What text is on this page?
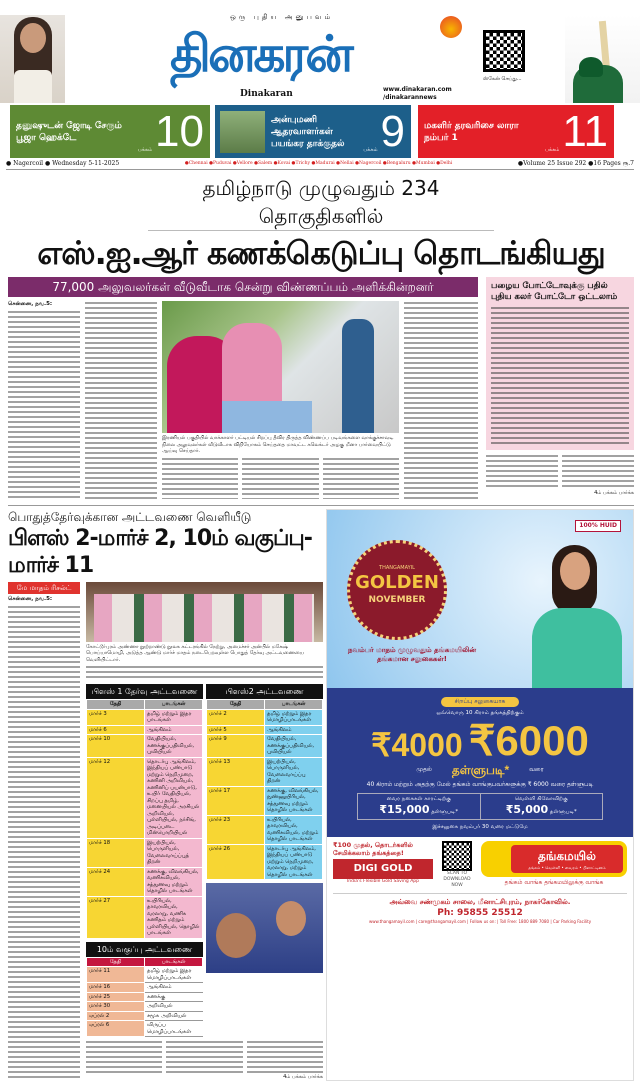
ஒரு புதிய அனுபவம்
தினகரன்
Dinakaran	www.dinakaran.com
/dinakarannews
ஸ்கேன் செய்து...
தனுஷுடன் ஜோடி சேரும் பூஜா ஹெக்டே
பக்கம் 10	அன்புமணி ஆதரவாளர்கள் பயங்கர தாக்குதல்
பக்கம் 9	மகளிர் தரவரிசை லாரா நம்பர் 1
பக்கம் 11
● Nagercoil ● Wednesday 5-11-2025	●Chennai ●Puduvai ●Vellore ●Salem ●Kovai ●Trichy ●Madurai ●Nellai ●Nagercoil ●Bengaluru ●Mumbai ●Delhi	●Volume 25 Issue 292 ●16 Pages ரூ.7
தமிழ்நாடு முழுவதும் 234 தொகுதிகளில்
எஸ்.ஐ.ஆர் கணக்கெடுப்பு தொடங்கியது
77,000 அலுவலர்கள் வீடுவீடாக சென்று விண்ணப்பம் அளிக்கின்றனர்
சென்னை, நவ.5:
இரணியல் பகுதியில் வாக்காளர் பட்டியல் சிறப்பு தீவிர திருத்த விண்ணப்ப படிவங்களை வாக்குச்சாவடி நிலை அலுவலர்கள் வீடுவீடாக விநியோகம் செய்ததை மாவட்ட கலெக்டர் அழகு மீனா பார்வையிட்டு ஆய்வு செய்தார்.
பழைய போட்டோவுக்கு பதில் புதிய கலர் போட்டோ ஒட்டலாம்
4ம் பக்கம் பார்க்க
பொதுத்தேர்வுக்கான அட்டவணை வெளியீடு
பிளஸ் 2-மார்ச் 2, 10ம் வகுப்பு- மார்ச் 11
மே மாதம் ரிசல்ட்
சென்னை, நவ.5:
கோட்டூர்புரம் அண்ணா நூற்றாண்டு நூலக கட்டரங்கில் நேற்று, அமைச்சர் அன்பில் மகேஷ் பொய்யாமொழி, அடுத்த ஆண்டு மார்ச் மாதம் நடைபெறவுள்ள பொதுத் தேர்வு அட்டவணையை வெளியிட்டார்.
பிளஸ் 1 தேர்வு அட்டவணை
தேதி	பாடங்கள்
மார்ச் 3	தமிழ் மற்றும் இதர பாடங்கள்
மார்ச் 6	ஆங்கிலம்
மார்ச் 10	வேதியியல், கணக்குப்பதிவியல், புவியியல்
மார்ச் 12	தொடர்பு ஆங்கிலம், இந்தியப் பண்பாடு மற்றும் நெறிமுறை, கணினி அறிவியல், கணினிப் பயன்பாடு, உயிர் வேதியியல், சிறப்பு தமிழ், மனையியல் அரசியல் அறிவியல், புள்ளியியல், நர்சிங், அடிப்படை மின்பொறியியல்
மார்ச் 18	இயற்பியல், பொருளியல், வேலைவாய்ப்புத் திறன்
மார்ச் 24	கணக்கு, விலங்கியல், வணிகவியல், சத்துணவு மற்றும் தொழில் பாடங்கள்
மார்ச் 27	உயிரியல், தாவரவியல், வரலாறு, வணிக கணிதம் மற்றும் புள்ளியியல், தொழில் பாடங்கள்
10ம் வகுப்பு அட்டவணை
தேதி	பாடங்கள்
மார்ச் 11	தமிழ் மற்றும் இதர மொழிப்பாடங்கள்
மார்ச் 16	ஆங்கிலம்
மார்ச் 25	கணக்கு
மார்ச் 30	அறிவியல்
ஏப்ரல் 2	சமூக அறிவியல்
ஏப்ரல் 6	விருப்ப மொழிப்பாடங்கள்
பிளஸ்2 அட்டவணை
தேதி	பாடங்கள்
மார்ச் 2	தமிழ் மற்றும் இதர மொழிப்பாடங்கள்
மார்ச் 5	ஆங்கிலம்
மார்ச் 9	வேதியியல், கணக்குப்பதிவியல், புவியியல்
மார்ச் 13	இயற்பியல், பொருளியல், வேலைவாய்ப்பு திறன்
மார்ச் 17	கணக்கு, விலங்கியல், நுண்ணுயிரியல், சத்துணவு மற்றும் தொழில் பாடங்கள்
மார்ச் 23	உயிரியல், தாவரவியல், வணிகவியல், மற்றும் தொழில் பாடங்கள்
மார்ச் 26	தொடர்பு ஆங்கிலம், இந்தியப் பண்பாடு மற்றும் நெறிமுறை, வரலாறு, மற்றும் தொழில் பாடங்கள்
4ம் பக்கம் பார்க்க
100% HUID
THANGAMAYIL
GOLDEN
NOVEMBER
நவம்பர் மாதம் முழுவதும் தங்கமயிலின் தங்கமான சலுகைகள்!
சிறப்பு சலுகையாக
ஒவ்வொரு 10 கிராம் தங்கத்திற்கும்
₹4000 ₹6000
முதல் தள்ளுபடி*	வரை
40 கிராம் மற்றும் அதற்கு மேல் தங்கம் வாங்குபவர்களுக்கு ₹ 6000 வரை தள்ளுபடி
வைர நகைகள் காரட்டிற்கு
₹15,000 தள்ளுபடி*
வெள்ளி கிலோவிற்கு
₹5,000 தள்ளுபடி*
இச்சலுகை நவம்பர் 30 வரை மட்டுமே
₹100 முதல், தொடர்களில் சேமிக்கலாம் தங்கத்தை!
DIGI GOLD
India's Flexible Gold Saving App
SCAN TO DOWNLOAD NOW
தங்கமயில்
தங்கம் • வெள்ளி • வைரம் • பிளாட்டினம்
தங்கம் வாங்க தங்கமயிலுக்கு வாங்க
அவ்வை சண்முகம் சாலை, மீனாட்சிபுரம், நாகர்கோவில்.
Ph: 95855 25512
www.thangamayil.com | care@thangamayil.com | Follow us on: | Toll Free: 1800 889 7080 | Car Parking Facility
